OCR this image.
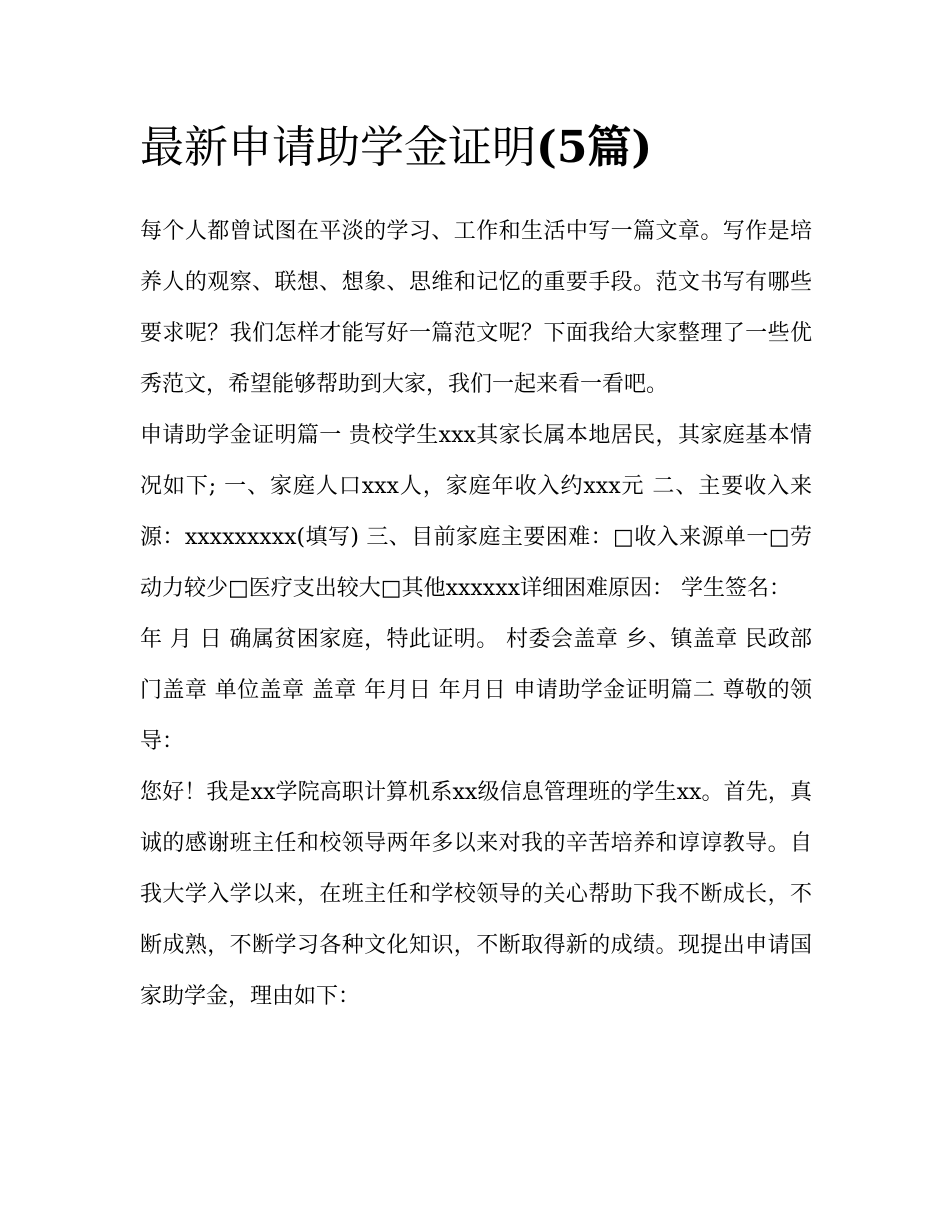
最新申请助学金证明(5篇)

每个人都曾试图在平淡的学习、工作和生活中写一篇文章。写作是培养人的观察、联想、想象、思维和记忆的重要手段。范文书写有哪些要求呢？我们怎样才能写好一篇范文呢？下面我给大家整理了一些优秀范文，希望能够帮助到大家，我们一起来看一看吧。

申请助学金证明篇一 贵校学生xxx其家长属本地居民，其家庭基本情况如下; 一、家庭人口xxx人，家庭年收入约xxx元 二、主要收入来源：xxxxxxxxx(填写) 三、目前家庭主要困难：□收入来源单一□劳动力较少□医疗支出较大□其他xxxxxx详细困难原因： 学生签名：

年 月 日 确属贫困家庭，特此证明。 村委会盖章 乡、镇盖章 民政部门盖章 单位盖章 盖章 年月日 年月日 申请助学金证明篇二 尊敬的领导：

您好！我是xx学院高职计算机系xx级信息管理班的学生xx。首先，真诚的感谢班主任和校领导两年多以来对我的辛苦培养和谆谆教导。自我大学入学以来，在班主任和学校领导的关心帮助下我不断成长，不断成熟，不断学习各种文化知识，不断取得新的成绩。现提出申请国家助学金，理由如下：
